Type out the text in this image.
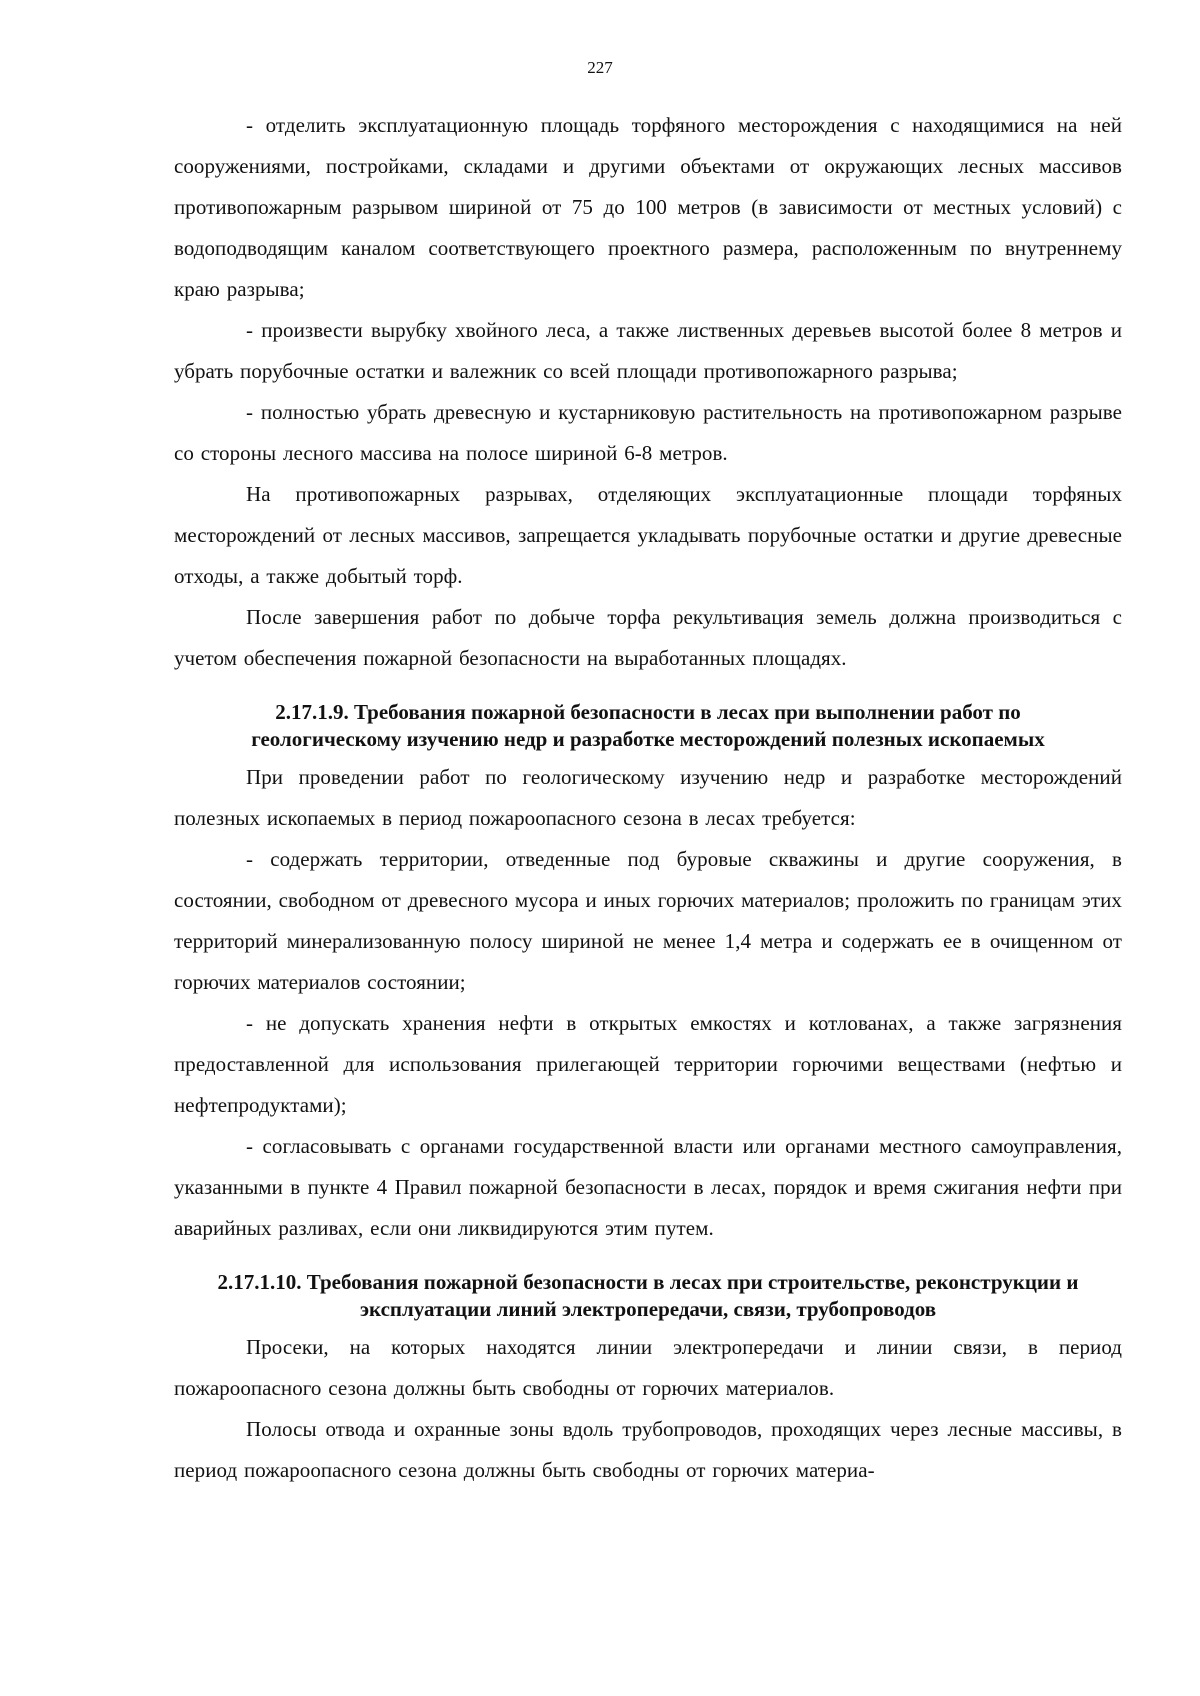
227

- отделить эксплуатационную площадь торфяного месторождения с находящимися на ней сооружениями, постройками, складами и другими объектами от окружающих лесных массивов противопожарным разрывом шириной от 75 до 100 метров (в зависимости от местных условий) с водоподводящим каналом соответствующего проектного размера, расположенным по внутреннему краю разрыва;

- произвести вырубку хвойного леса, а также лиственных деревьев высотой более 8 метров и убрать порубочные остатки и валежник со всей площади противопожарного разрыва;

- полностью убрать древесную и кустарниковую растительность на противопожарном разрыве со стороны лесного массива на полосе шириной 6-8 метров.

На противопожарных разрывах, отделяющих эксплуатационные площади торфяных месторождений от лесных массивов, запрещается укладывать порубочные остатки и другие древесные отходы, а также добытый торф.

После завершения работ по добыче торфа рекультивация земель должна производиться с учетом обеспечения пожарной безопасности на выработанных площадях.

2.17.1.9. Требования пожарной безопасности в лесах при выполнении работ по геологическому изучению недр и разработке месторождений полезных ископаемых

При проведении работ по геологическому изучению недр и разработке месторождений полезных ископаемых в период пожароопасного сезона в лесах требуется:

- содержать территории, отведенные под буровые скважины и другие сооружения, в состоянии, свободном от древесного мусора и иных горючих материалов; проложить по границам этих территорий минерализованную полосу шириной не менее 1,4 метра и содержать ее в очищенном от горючих материалов состоянии;

- не допускать хранения нефти в открытых емкостях и котлованах, а также загрязнения предоставленной для использования прилегающей территории горючими веществами (нефтью и нефтепродуктами);

- согласовывать с органами государственной власти или органами местного самоуправления, указанными в пункте 4 Правил пожарной безопасности в лесах, порядок и время сжигания нефти при аварийных разливах, если они ликвидируются этим путем.

2.17.1.10. Требования пожарной безопасности в лесах при строительстве, реконструкции и эксплуатации линий электропередачи, связи, трубопроводов

Просеки, на которых находятся линии электропередачи и линии связи, в период пожароопасного сезона должны быть свободны от горючих материалов.

Полосы отвода и охранные зоны вдоль трубопроводов, проходящих через лесные массивы, в период пожароопасного сезона должны быть свободны от горючих материа-
